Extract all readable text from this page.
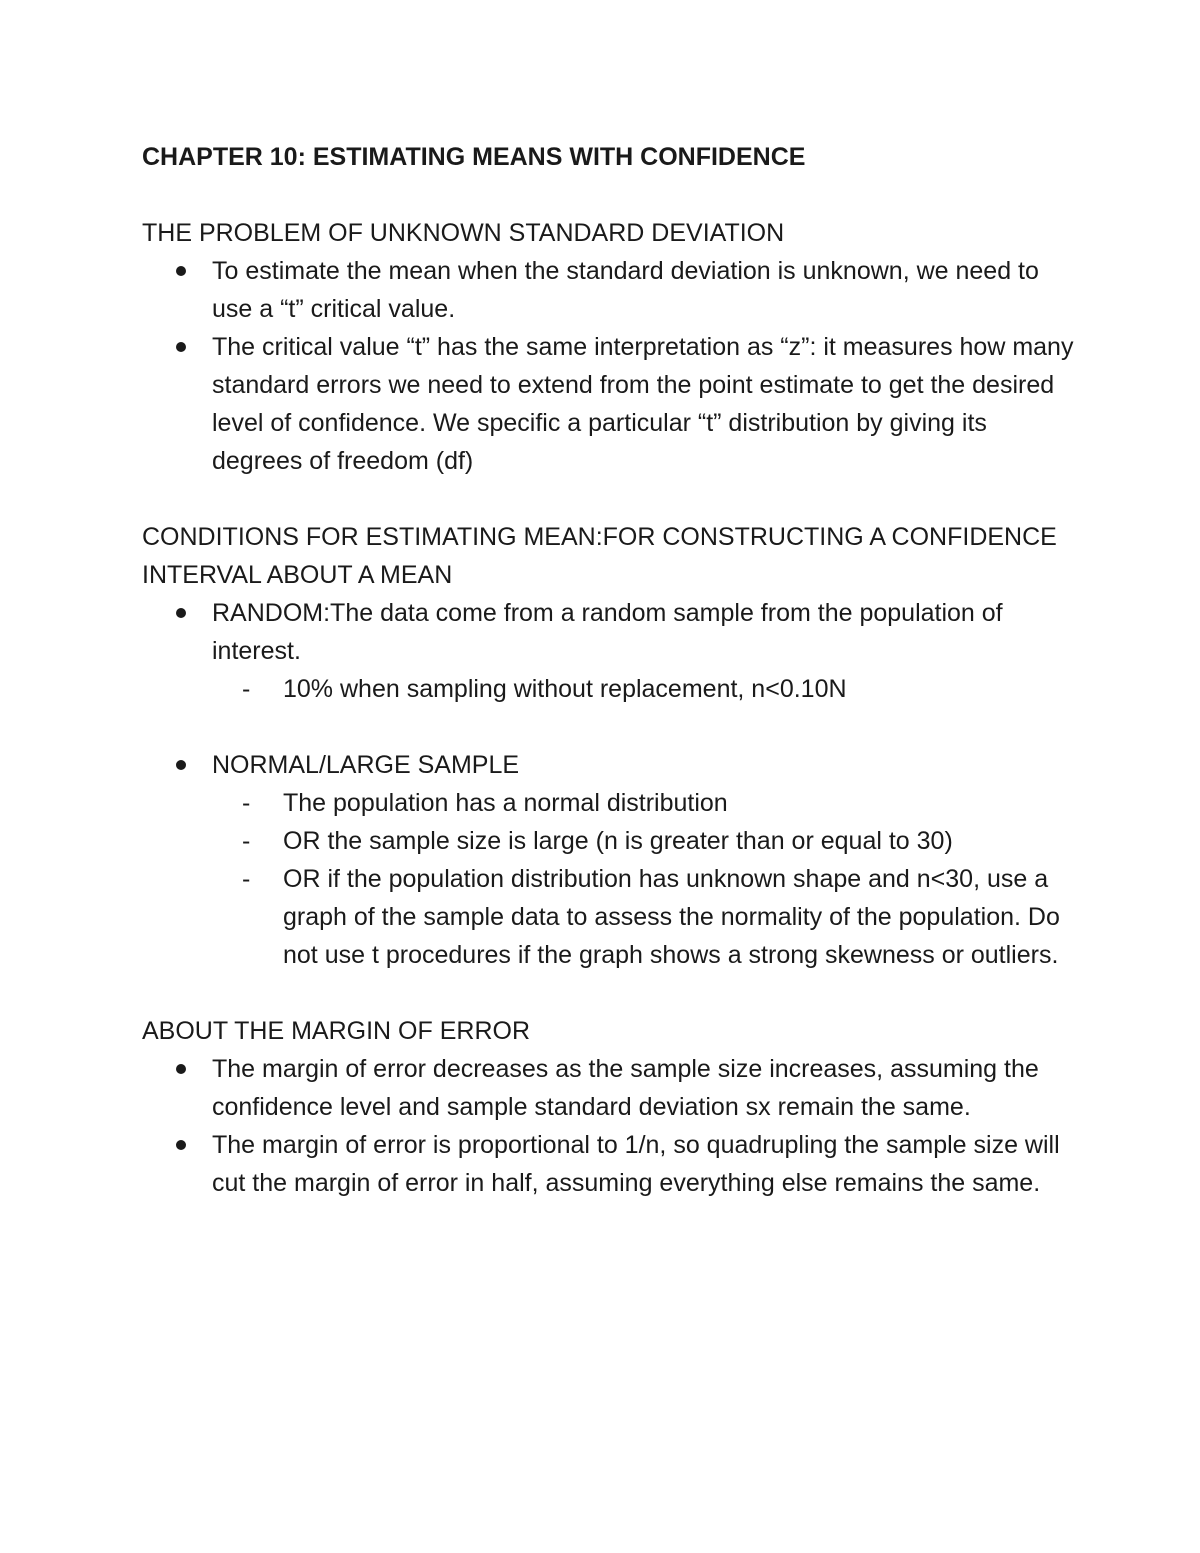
CHAPTER 10: ESTIMATING MEANS WITH CONFIDENCE
THE PROBLEM OF UNKNOWN STANDARD DEVIATION
To estimate the mean when the standard deviation is unknown, we need to use a “t” critical value.
The critical value “t” has the same interpretation as “z”: it measures how many standard errors we need to extend from the point estimate to get the desired level of confidence. We specific a particular “t” distribution by giving its degrees of freedom (df)
CONDITIONS FOR ESTIMATING MEAN:FOR CONSTRUCTING A CONFIDENCE INTERVAL ABOUT A MEAN
RANDOM:The data come from a random sample from the population of interest.
- 10% when sampling without replacement, n<0.10N
NORMAL/LARGE SAMPLE
- The population has a normal distribution
- OR the sample size is large (n is greater than or equal to 30)
- OR if the population distribution has unknown shape and n<30, use a graph of the sample data to assess the normality of the population. Do not use t procedures if the graph shows a strong skewness or outliers.
ABOUT THE MARGIN OF ERROR
The margin of error decreases as the sample size increases, assuming the confidence level and sample standard deviation sx remain the same.
The margin of error is proportional to 1/n, so quadrupling the sample size will cut the margin of error in half, assuming everything else remains the same.
